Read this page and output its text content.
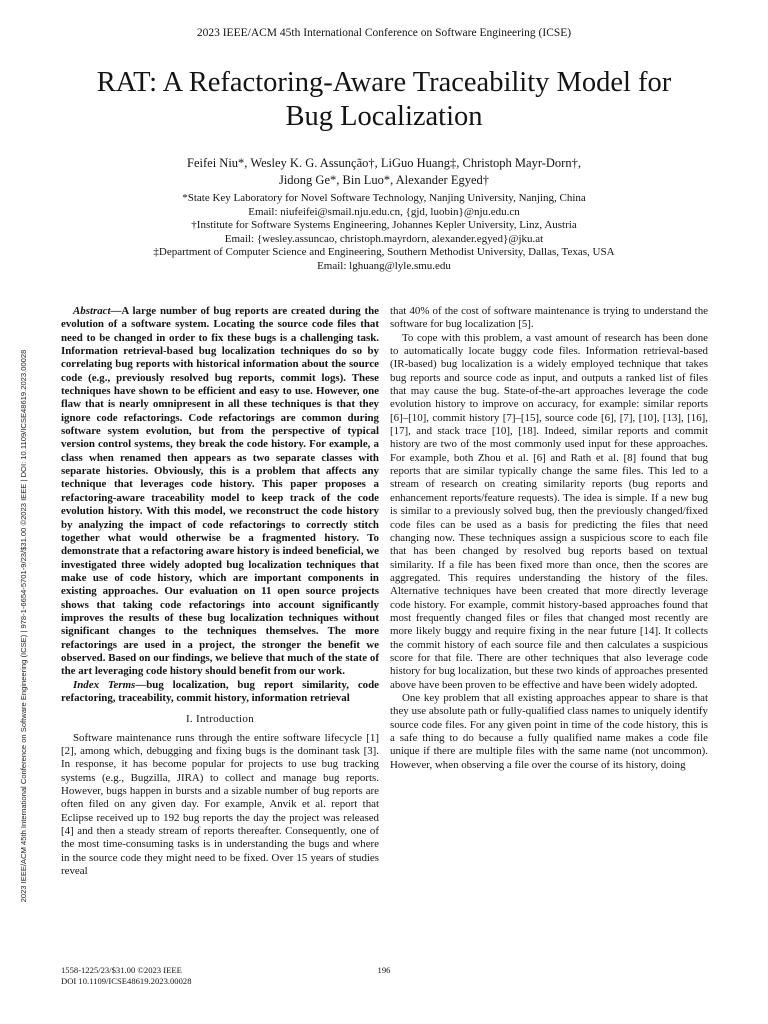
2023 IEEE/ACM 45th International Conference on Software Engineering (ICSE)
RAT: A Refactoring-Aware Traceability Model for
Bug Localization
Feifei Niu*, Wesley K. G. Assunção†, LiGuo Huang‡, Christoph Mayr-Dorn†,
Jidong Ge*, Bin Luo*, Alexander Egyed†
*State Key Laboratory for Novel Software Technology, Nanjing University, Nanjing, China
Email: niufeifei@smail.nju.edu.cn, {gjd, luobin}@nju.edu.cn
†Institute for Software Systems Engineering, Johannes Kepler University, Linz, Austria
Email: {wesley.assuncao, christoph.mayrdorn, alexander.egyed}@jku.at
‡Department of Computer Science and Engineering, Southern Methodist University, Dallas, Texas, USA
Email: lghuang@lyle.smu.edu
2023 IEEE/ACM 45th International Conference on Software Engineering (ICSE) | 978-1-6654-5701-9/23/$31.00 ©2023 IEEE | DOI: 10.1109/ICSE48619.2023.00028

Abstract—A large number of bug reports are created during the evolution of a software system. Locating the source code files that need to be changed in order to fix these bugs is a challenging task. Information retrieval-based bug localization techniques do so by correlating bug reports with historical information about the source code (e.g., previously resolved bug reports, commit logs). These techniques have shown to be efficient and easy to use. However, one flaw that is nearly omnipresent in all these techniques is that they ignore code refactorings. Code refactorings are common during software system evolution, but from the perspective of typical version control systems, they break the code history. For example, a class when renamed then appears as two separate classes with separate histories. Obviously, this is a problem that affects any technique that leverages code history. This paper proposes a refactoring-aware traceability model to keep track of the code evolution history. With this model, we reconstruct the code history by analyzing the impact of code refactorings to correctly stitch together what would otherwise be a fragmented history. To demonstrate that a refactoring aware history is indeed beneficial, we investigated three widely adopted bug localization techniques that make use of code history, which are important components in existing approaches. Our evaluation on 11 open source projects shows that taking code refactorings into account significantly improves the results of these bug localization techniques without significant changes to the techniques themselves. The more refactorings are used in a project, the stronger the benefit we observed. Based on our findings, we believe that much of the state of the art leveraging code history should benefit from our work.

Index Terms—bug localization, bug report similarity, code refactoring, traceability, commit history, information retrieval

I. Introduction

Software maintenance runs through the entire software lifecycle [1] [2], among which, debugging and fixing bugs is the dominant task [3]. In response, it has become popular for projects to use bug tracking systems (e.g., Bugzilla, JIRA) to collect and manage bug reports. However, bugs happen in bursts and a sizable number of bug reports are often filed on any given day. For example, Anvik et al. report that Eclipse received up to 192 bug reports the day the project was released [4] and then a steady stream of reports thereafter. Consequently, one of the most time-consuming tasks is in understanding the bugs and where in the source code they might need to be fixed. Over 15 years of studies reveal

that 40% of the cost of software maintenance is trying to understand the software for bug localization [5].

To cope with this problem, a vast amount of research has been done to automatically locate buggy code files. Information retrieval-based (IR-based) bug localization is a widely employed technique that takes bug reports and source code as input, and outputs a ranked list of files that may cause the bug. State-of-the-art approaches leverage the code evolution history to improve on accuracy, for example: similar reports [6]–[10], commit history [7]–[15], source code [6], [7], [10], [13], [16], [17], and stack trace [10], [18]. Indeed, similar reports and commit history are two of the most commonly used input for these approaches. For example, both Zhou et al. [6] and Rath et al. [8] found that bug reports that are similar typically change the same files. This led to a stream of research on creating similarity reports (bug reports and enhancement reports/feature requests). The idea is simple. If a new bug is similar to a previously solved bug, then the previously changed/fixed code files can be used as a basis for predicting the files that need changing now. These techniques assign a suspicious score to each file that has been changed by resolved bug reports based on textual similarity. If a file has been fixed more than once, then the scores are aggregated. This requires understanding the history of the files. Alternative techniques have been created that more directly leverage code history. For example, commit history-based approaches found that most frequently changed files or files that changed most recently are more likely buggy and require fixing in the near future [14]. It collects the commit history of each source file and then calculates a suspicious score for that file. There are other techniques that also leverage code history for bug localization, but these two kinds of approaches presented above have been proven to be effective and have been widely adopted.

One key problem that all existing approaches appear to share is that they use absolute path or fully-qualified class names to uniquely identify source code files. For any given point in time of the code history, this is a safe thing to do because a fully qualified name makes a code file unique if there are multiple files with the same name (not uncommon). However, when observing a file over the course of its history, doing

1558-1225/23/$31.00 ©2023 IEEE
DOI 10.1109/ICSE48619.2023.00028
196
